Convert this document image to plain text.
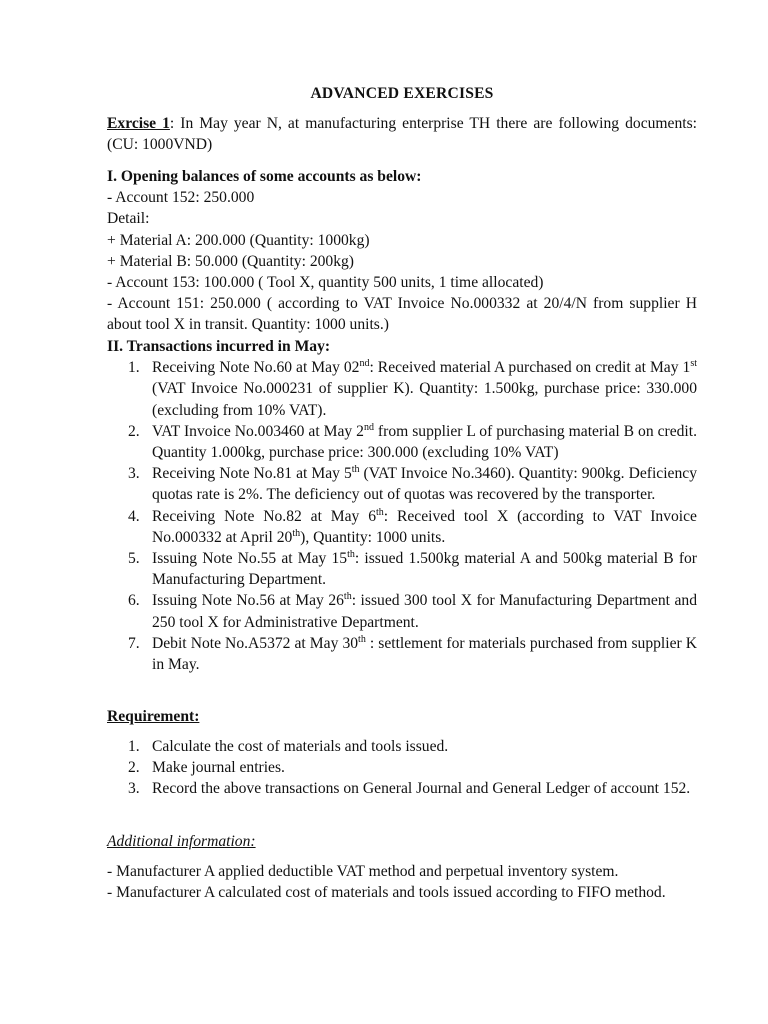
ADVANCED EXERCISES
Exrcise 1: In May year N, at manufacturing enterprise TH there are following documents: (CU: 1000VND)
I. Opening balances of some accounts as below:
- Account 152: 250.000
Detail:
+ Material A: 200.000 (Quantity: 1000kg)
+ Material B: 50.000 (Quantity: 200kg)
- Account 153: 100.000 ( Tool X, quantity 500 units, 1 time allocated)
- Account 151: 250.000 ( according to VAT Invoice No.000332 at 20/4/N from supplier H about tool X in transit. Quantity: 1000 units.)
II. Transactions incurred in May:
1. Receiving Note No.60 at May 02nd: Received material A purchased on credit at May 1st (VAT Invoice No.000231 of supplier K). Quantity: 1.500kg, purchase price: 330.000 (excluding from 10% VAT).
2. VAT Invoice No.003460 at May 2nd from supplier L of purchasing material B on credit. Quantity 1.000kg, purchase price: 300.000 (excluding 10% VAT)
3. Receiving Note No.81 at May 5th (VAT Invoice No.3460). Quantity: 900kg. Deficiency quotas rate is 2%. The deficiency out of quotas was recovered by the transporter.
4. Receiving Note No.82 at May 6th: Received tool X (according to VAT Invoice No.000332 at April 20th), Quantity: 1000 units.
5. Issuing Note No.55 at May 15th: issued 1.500kg material A and 500kg material B for Manufacturing Department.
6. Issuing Note No.56 at May 26th: issued 300 tool X for Manufacturing Department and 250 tool X for Administrative Department.
7. Debit Note No.A5372 at May 30th : settlement for materials purchased from supplier K in May.
Requirement:
1. Calculate the cost of materials and tools issued.
2. Make journal entries.
3. Record the above transactions on General Journal and General Ledger of account 152.
Additional information:
- Manufacturer A applied deductible VAT method and perpetual inventory system.
- Manufacturer A calculated cost of materials and tools issued according to FIFO method.
